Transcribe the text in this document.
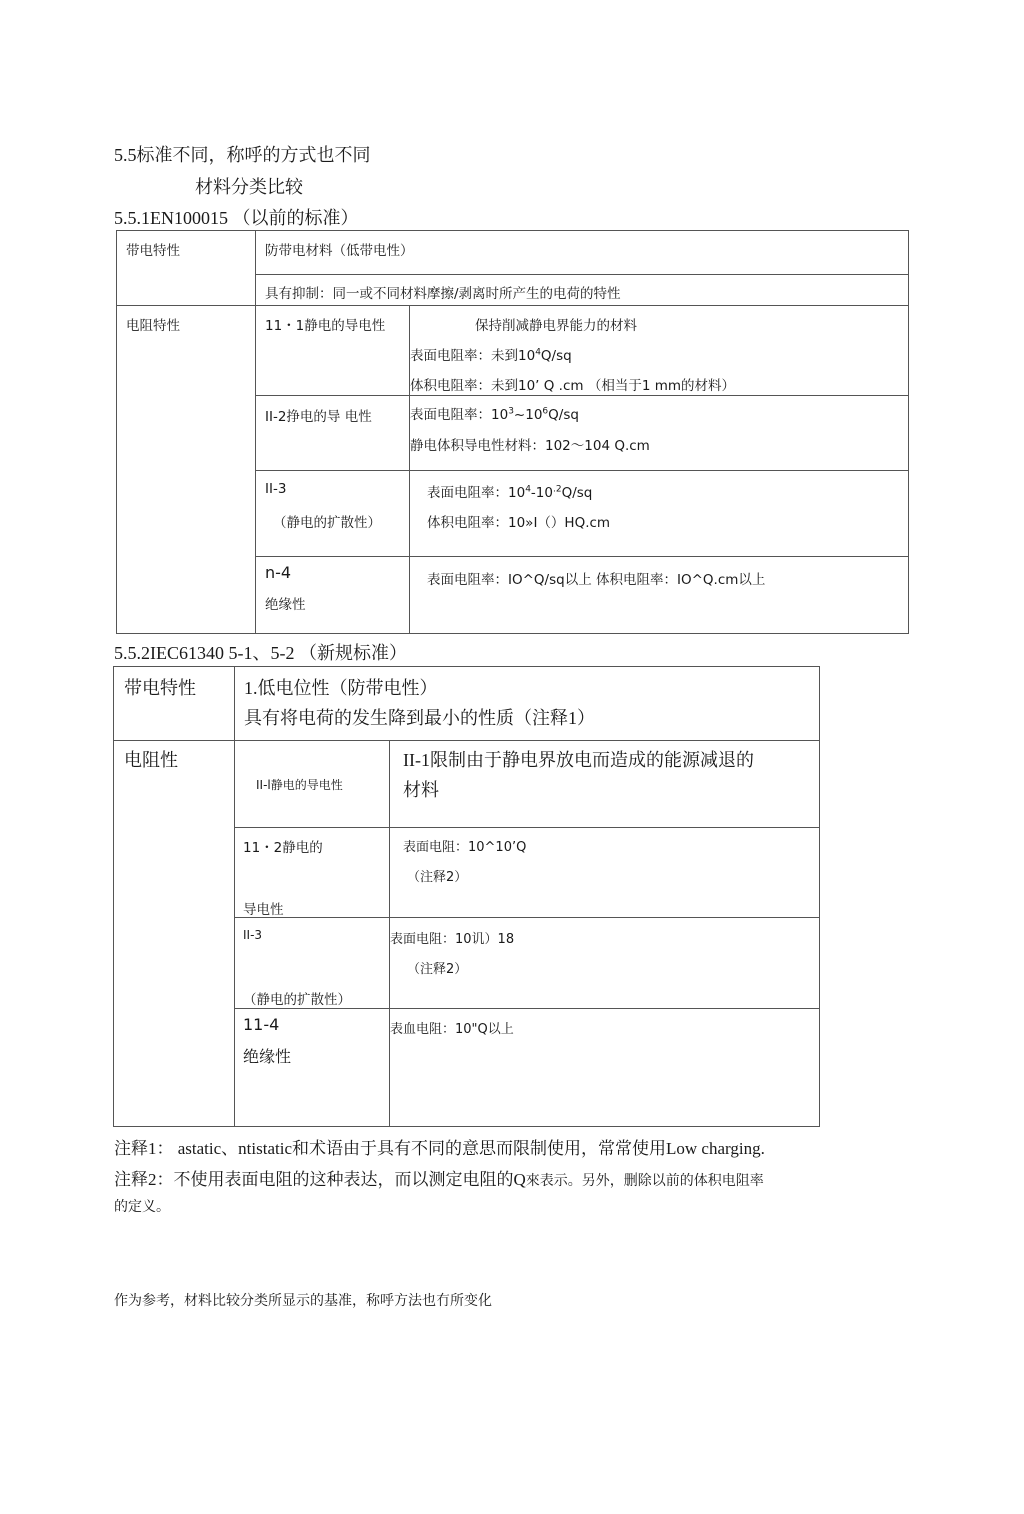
5.5标准不同，称呼的方式也不同
材料分类比较
5.5.1EN100015 （以前的标准）
带电特性	防带电材料（低带电性）	

	具有抑制：同一或不同材料摩擦/剥离时所产生的电荷的特性	

电阻特性	11・1静电的导电性	保持削减静电界能力的材料
表面电阻率：未到$10^4Q/sq$
体积电阻率：未到10’ Q .cm （相当于1 mm的材料）

	II-2挣电的导 电性	表面电阻率：$10^3\sim 10^6Q/sq$
静电体积导电性材料：102〜104 Q.cm

	II-3
（静电的扩散性）	表面电阻率：$10^4-10^{.2}Q/sq$
体积电阻率：10»I（）HQ.cm

	n-4
绝缘性	表面电阻率：IO^Q/sq以上 体积电阻率：IO^Q.cm以上
5.5.2IEC61340 5-1、5-2 （新规标准）
带电特性	1.低电位性（防带电性）
具有将电荷的发生降到最小的性质（注释1）	

电阻性	II-l静电的导电性	II-1限制由于静电界放电而造成的能源减退的
材料

	11・2静电的
导电性	表面电阻：10^10’Q
（注释2）

	II-3
（静电的扩散性）	表面电阻：10讥）18
（注释2）

	11-4
绝缘性	表血电阻：10"Q以上
注释1： astatic、ntistatic和术语由于具有不同的意思而限制使用，常常使用Low charging.
注释2：不使用表面电阻的这种表达，而以测定电阻的Q來表示。另外，删除以前的体积电阻率
的定义。
作为参考，材料比较分类所显示的基准，称呼方法也冇所变化
